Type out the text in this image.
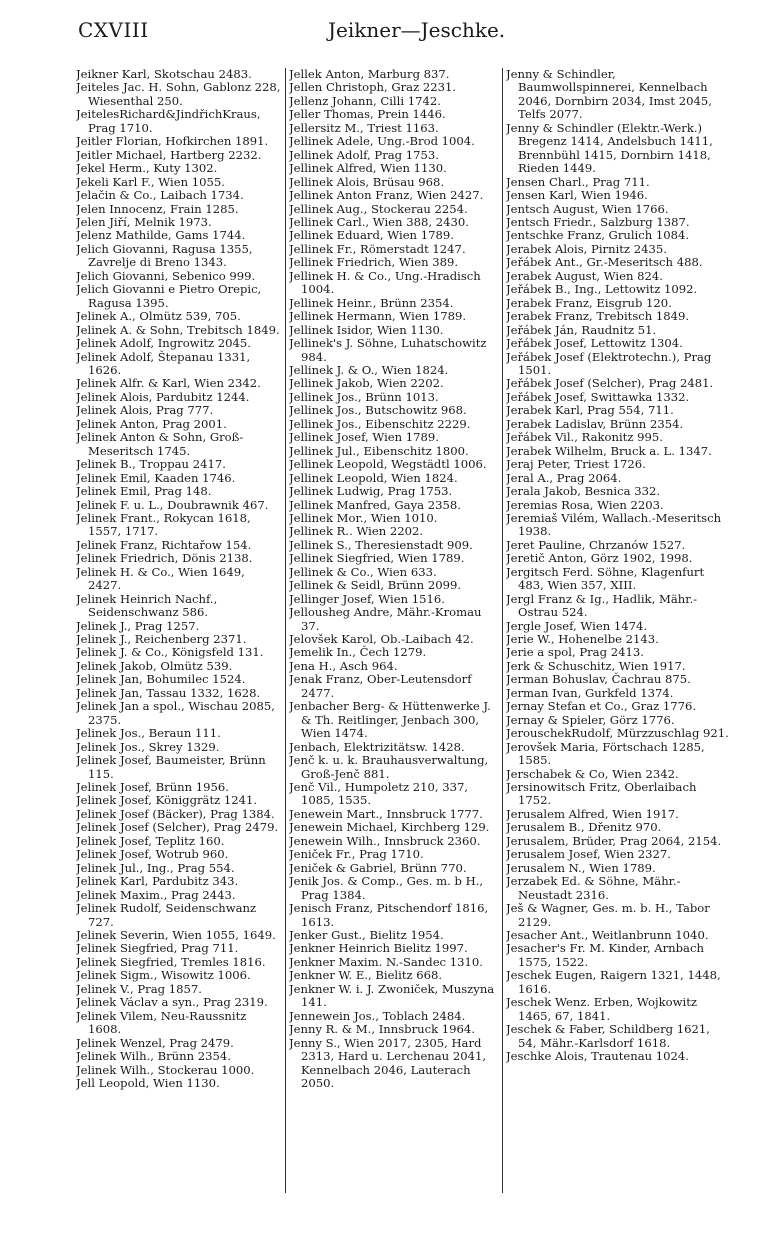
CXVIII	Jeikner—Jeschke.

Jeikner Karl, Skotschau 2483.

Jeiteles Jac. H. Sohn, Gablonz 228, Wiesenthal 250.

JeitelesRichard&JindřichKraus, Prag 1710.

Jeitler Florian, Hofkirchen 1891.

Jeitler Michael, Hartberg 2232.

Jekel Herm., Kuty 1302.

Jekeli Karl F., Wien 1055.

Jelačin & Co., Laibach 1734.

Jelen Innocenz, Frain 1285.

Jelen Jiří, Melnik 1973.

Jelenz Mathilde, Gams 1744.

Jelich Giovanni, Ragusa 1355, Zavrelje di Breno 1343.

Jelich Giovanni, Sebenico 999.

Jelich Giovanni e Pietro Orepic, Ragusa 1395.

Jelinek A., Olmütz 539, 705.

Jelinek A. & Sohn, Trebitsch 1849.

Jelinek Adolf, Ingrowitz 2045.

Jelinek Adolf, Štepanau 1331, 1626.

Jelinek Alfr. & Karl, Wien 2342.

Jelinek Alois, Pardubitz 1244.

Jelinek Alois, Prag 777.

Jelinek Anton, Prag 2001.

Jelinek Anton & Sohn, Groß-Meseritsch 1745.

Jelinek B., Troppau 2417.

Jelinek Emil, Kaaden 1746.

Jelinek Emil, Prag 148.

Jelinek F. u. L., Doubrawnik 467.

Jelinek Frant., Rokycan 1618, 1557, 1717.

Jelinek Franz, Richtařow 154.

Jelinek Friedrich, Dönis 2138.

Jelinek H. & Co., Wien 1649, 2427.

Jelinek Heinrich Nachf., Seidenschwanz 586.

Jelinek J., Prag 1257.

Jelinek J., Reichenberg 2371.

Jelinek J. & Co., Königsfeld 131.

Jelinek Jakob, Olmütz 539.

Jelinek Jan, Bohumilec 1524.

Jelinek Jan, Tassau 1332, 1628.

Jelinek Jan a spol., Wischau 2085, 2375.

Jelinek Jos., Beraun 111.

Jelinek Jos., Skrey 1329.

Jelinek Josef, Baumeister, Brünn 115.

Jelinek Josef, Brünn 1956.

Jelinek Josef, Königgrätz 1241.

Jelinek Josef (Bäcker), Prag 1384.

Jelinek Josef (Selcher), Prag 2479.

Jelinek Josef, Teplitz 160.

Jelinek Josef, Wotrub 960.

Jelinek Jul., Ing., Prag 554.

Jelinek Karl, Pardubitz 343.

Jelinek Maxim., Prag 2443.

Jelinek Rudolf, Seidenschwanz 727.

Jelinek Severin, Wien 1055, 1649.

Jelinek Siegfried, Prag 711.

Jelinek Siegfried, Tremles 1816.

Jelinek Sigm., Wisowitz 1006.

Jelinek V., Prag 1857.

Jelinek Václav a syn., Prag 2319.

Jelinek Vilem, Neu-Raussnitz 1608.

Jelinek Wenzel, Prag 2479.

Jelinek Wilh., Brünn 2354.

Jelinek Wilh., Stockerau 1000.

Jell Leopold, Wien 1130.

Jellek Anton, Marburg 837.

Jellen Christoph, Graz 2231.

Jellenz Johann, Cilli 1742.

Jeller Thomas, Prein 1446.

Jellersitz M., Triest 1163.

Jellinek Adele, Ung.-Brod 1004.

Jellinek Adolf, Prag 1753.

Jellinek Alfred, Wien 1130.

Jellinek Alois, Brüsau 968.

Jellinek Anton Franz, Wien 2427.

Jellinek Aug., Stockerau 2254.

Jellinek Carl., Wien 388, 2430.

Jellinek Eduard, Wien 1789.

Jellinek Fr., Römerstadt 1247.

Jellinek Friedrich, Wien 389.

Jellinek H. & Co., Ung.-Hradisch 1004.

Jellinek Heinr., Brünn 2354.

Jellinek Hermann, Wien 1789.

Jellinek Isidor, Wien 1130.

Jellinek's J. Söhne, Luhatschowitz 984.

Jellinek J. & O., Wien 1824.

Jellinek Jakob, Wien 2202.

Jellinek Jos., Brünn 1013.

Jellinek Jos., Butschowitz 968.

Jellinek Jos., Eibenschitz 2229.

Jellinek Josef, Wien 1789.

Jellinek Jul., Eibenschitz 1800.

Jellinek Leopold, Wegstädtl 1006.

Jellinek Leopold, Wien 1824.

Jellinek Ludwig, Prag 1753.

Jellinek Manfred, Gaya 2358.

Jellinek Mor., Wien 1010.

Jellinek R.. Wien 2202.

Jellinek S., Theresienstadt 909.

Jellinek Siegfried, Wien 1789.

Jellinek & Co., Wien 633.

Jellinek & Seidl, Brünn 2099.

Jellinger Josef, Wien 1516.

Jellousheg Andre, Mähr.-Kromau 37.

Jelovšek Karol, Ob.-Laibach 42.

Jemelik In., Čech 1279.

Jena H., Asch 964.

Jenak Franz, Ober-Leutensdorf 2477.

Jenbacher Berg- & Hüttenwerke J. & Th. Reitlinger, Jenbach 300, Wien 1474.

Jenbach, Elektrizitätsw. 1428.

Jenč k. u. k. Brauhausverwaltung, Groß-Jenč 881.

Jenč Vil., Humpoletz 210, 337, 1085, 1535.

Jenewein Mart., Innsbruck 1777.

Jenewein Michael, Kirchberg 129.

Jenewein Wilh., Innsbruck 2360.

Jeniček Fr., Prag 1710.

Jeniček & Gabriel, Brünn 770.

Jenik Jos. & Comp., Ges. m. b H., Prag 1384.

Jenisch Franz, Pitschendorf 1816, 1613.

Jenker Gust., Bielitz 1954.

Jenkner Heinrich Bielitz 1997.

Jenkner Maxim. N.-Sandec 1310.

Jenkner W. E., Bielitz 668.

Jenkner W. i. J. Zwoniček, Muszyna 141.

Jennewein Jos., Toblach 2484.

Jenny R. & M., Innsbruck 1964.

Jenny S., Wien 2017, 2305, Hard 2313, Hard u. Lerchenau 2041, Kennelbach 2046, Lauterach 2050.

Jenny & Schindler, Baumwollspinnerei, Kennelbach 2046, Dornbirn 2034, Imst 2045, Telfs 2077.

Jenny & Schindler (Elektr.-Werk.) Bregenz 1414, Andelsbuch 1411, Brennbühl 1415, Dornbirn 1418, Rieden 1449.

Jensen Charl., Prag 711.

Jensen Karl, Wien 1946.

Jentsch August, Wien 1766.

Jentsch Friedr., Salzburg 1387.

Jentschke Franz, Grulich 1084.

Jerabek Alois, Pirnitz 2435.

Jeřábek Ant., Gr.-Meseritsch 488.

Jerabek August, Wien 824.

Jeřábek B., Ing., Lettowitz 1092.

Jerabek Franz, Eisgrub 120.

Jerabek Franz, Trebitsch 1849.

Jeřábek Ján, Raudnitz 51.

Jeřábek Josef, Lettowitz 1304.

Jeřábek Josef (Elektrotechn.), Prag 1501.

Jeřábek Josef (Selcher), Prag 2481.

Jeřábek Josef, Swittawka 1332.

Jerabek Karl, Prag 554, 711.

Jerabek Ladislav, Brünn 2354.

Jeřábek Vil., Rakonitz 995.

Jerabek Wilhelm, Bruck a. L. 1347.

Jeraj Peter, Triest 1726.

Jeral A., Prag 2064.

Jerala Jakob, Besnica 332.

Jeremias Rosa, Wien 2203.

Jeremiaš Vilém, Wallach.-Meseritsch 1938.

Jeret Pauline, Chrzanów 1527.

Jeretič Anton, Görz 1902, 1998.

Jergitsch Ferd. Söhne, Klagenfurt 483, Wien 357, XIII.

Jergl Franz & Ig., Hadlik, Mähr.-Ostrau 524.

Jergle Josef, Wien 1474.

Jerie W., Hohenelbe 2143.

Jerie a spol, Prag 2413.

Jerk & Schuschitz, Wien 1917.

Jerman Bohuslav, Čachrau 875.

Jerman Ivan, Gurkfeld 1374.

Jernay Stefan et Co., Graz 1776.

Jernay & Spieler, Görz 1776.

JerouschekRudolf, Mürzzuschlag 921.

Jerovšek Maria, Förtschach 1285, 1585.

Jerschabek & Co, Wien 2342.

Jersinowitsch Fritz, Oberlaibach 1752.

Jerusalem Alfred, Wien 1917.

Jerusalem B., Dřenitz 970.

Jerusalem, Brüder, Prag 2064, 2154.

Jerusalem Josef, Wien 2327.

Jerusalem N., Wien 1789.

Jerzabek Ed. & Söhne, Mähr.-Neustadt 2316.

Ješ & Wagner, Ges. m. b. H., Tabor 2129.

Jesacher Ant., Weitlanbrunn 1040.

Jesacher's Fr. M. Kinder, Arnbach 1575, 1522.

Jeschek Eugen, Raigern 1321, 1448, 1616.

Jeschek Wenz. Erben, Wojkowitz 1465, 67, 1841.

Jeschek & Faber, Schildberg 1621, 54, Mähr.-Karlsdorf 1618.

Jeschke Alois, Trautenau 1024.
